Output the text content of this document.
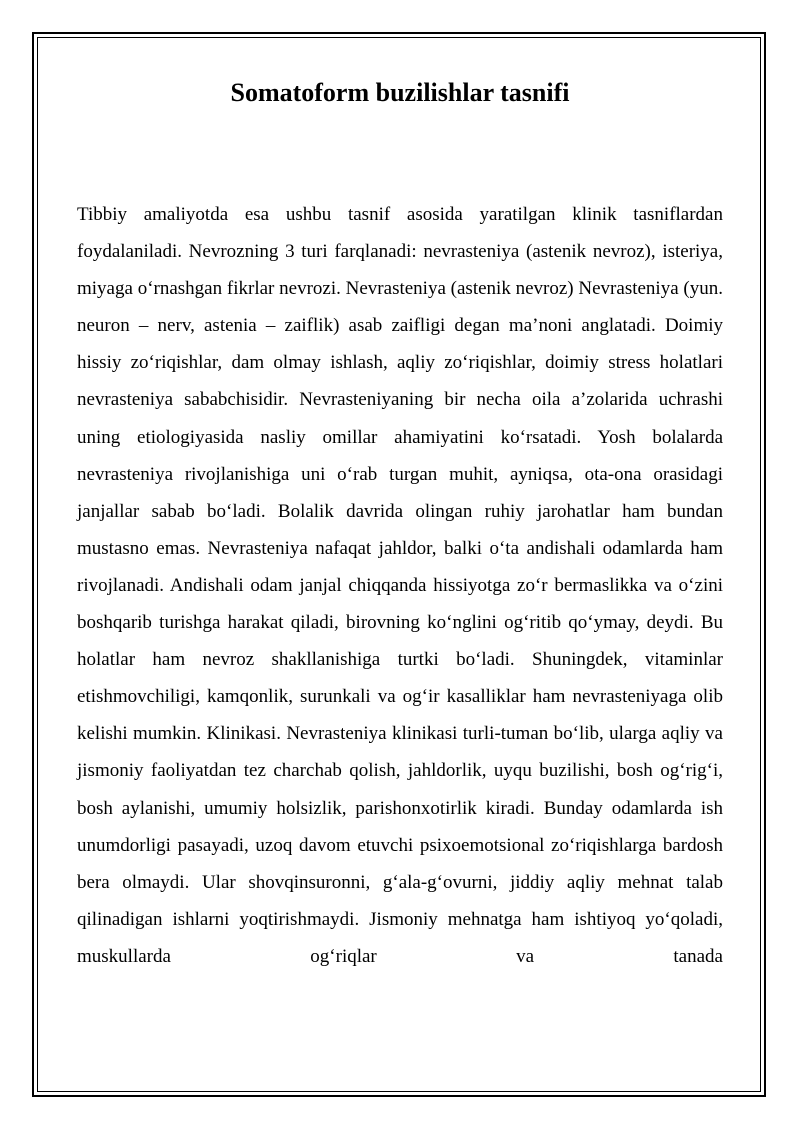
Somatoform buzilishlar tasnifi

Tibbiy amaliyotda esa ushbu tasnif asosida yaratilgan klinik tasniflardan foydalaniladi. Nevrozning 3 turi farqlanadi: nevrasteniya (astenik nevroz), isteriya, miyaga o‘rnashgan fikrlar nevrozi. Nevrasteniya (astenik nevroz) Nevrasteniya (yun. neuron – nerv, astenia – zaiflik) asab zaifligi degan ma’noni anglatadi. Doimiy hissiy zo‘riqishlar, dam olmay ishlash, aqliy zo‘riqishlar, doimiy stress holatlari nevrasteniya sababchisidir. Nevrasteniyaning bir necha oila a’zolarida uchrashi uning etiologiyasida nasliy omillar ahamiyatini ko‘rsatadi. Yosh bolalarda nevrasteniya rivojlanishiga uni o‘rab turgan muhit, ayniqsa, ota-ona orasidagi janjallar sabab bo‘ladi. Bolalik davrida olingan ruhiy jarohatlar ham bundan mustasno emas. Nevrasteniya nafaqat jahldor, balki o‘ta andishali odamlarda ham rivojlanadi. Andishali odam janjal chiqqanda hissiyotga zo‘r bermaslikka va o‘zini boshqarib turishga harakat qiladi, birovning ko‘nglini og‘ritib qo‘ymay, deydi. Bu holatlar ham nevroz shakllanishiga turtki bo‘ladi. Shuningdek, vitaminlar etishmovchiligi, kamqonlik, surunkali va og‘ir kasalliklar ham nevrasteniyaga olib kelishi mumkin. Klinikasi. Nevrasteniya klinikasi turli-tuman bo‘lib, ularga aqliy va jismoniy faoliyatdan tez charchab qolish, jahldorlik, uyqu buzilishi, bosh og‘rig‘i, bosh aylanishi, umumiy holsizlik, parishonxotirlik kiradi. Bunday odamlarda ish unumdorligi pasayadi, uzoq davom etuvchi psixoemotsional zo‘riqishlarga bardosh bera olmaydi. Ular shovqinsuronni, g‘ala-g‘ovurni, jiddiy aqliy mehnat talab qilinadigan ishlarni yoqtirishmaydi. Jismoniy mehnatga ham ishtiyoq yo‘qoladi, muskullarda og‘riqlar va tanada
